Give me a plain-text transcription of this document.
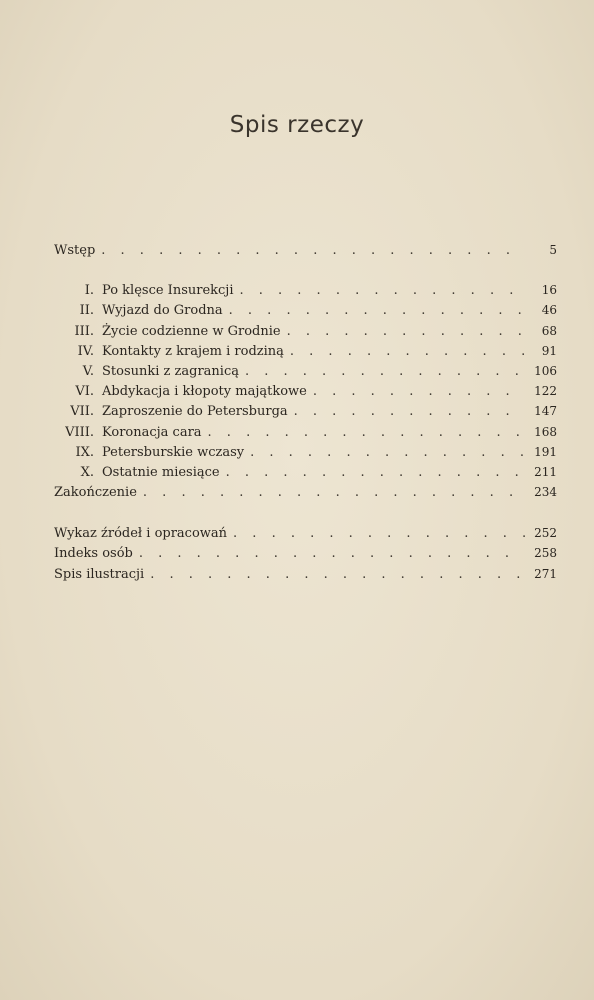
Spis rzeczy
Wstęp . . .	5
I. Po klęsce Insurekcji . . .	16
II. Wyjazd do Grodna . . .	46
III. Życie codzienne w Grodnie . . .	68
IV. Kontakty z krajem i rodziną . . .	91
V. Stosunki z zagranicą . . .	106
VI. Abdykacja i kłopoty majątkowe . . .	122
VII. Zaproszenie do Petersburga . . .	147
VIII. Koronacja cara . . .	168
IX. Petersburskie wczasy . . .	191
X. Ostatnie miesiące . . .	211
Zakończenie . . .	234
Wykaz źródeł i opracowań . . .	252
Indeks osób . . .	258
Spis ilustracji . . .	271
